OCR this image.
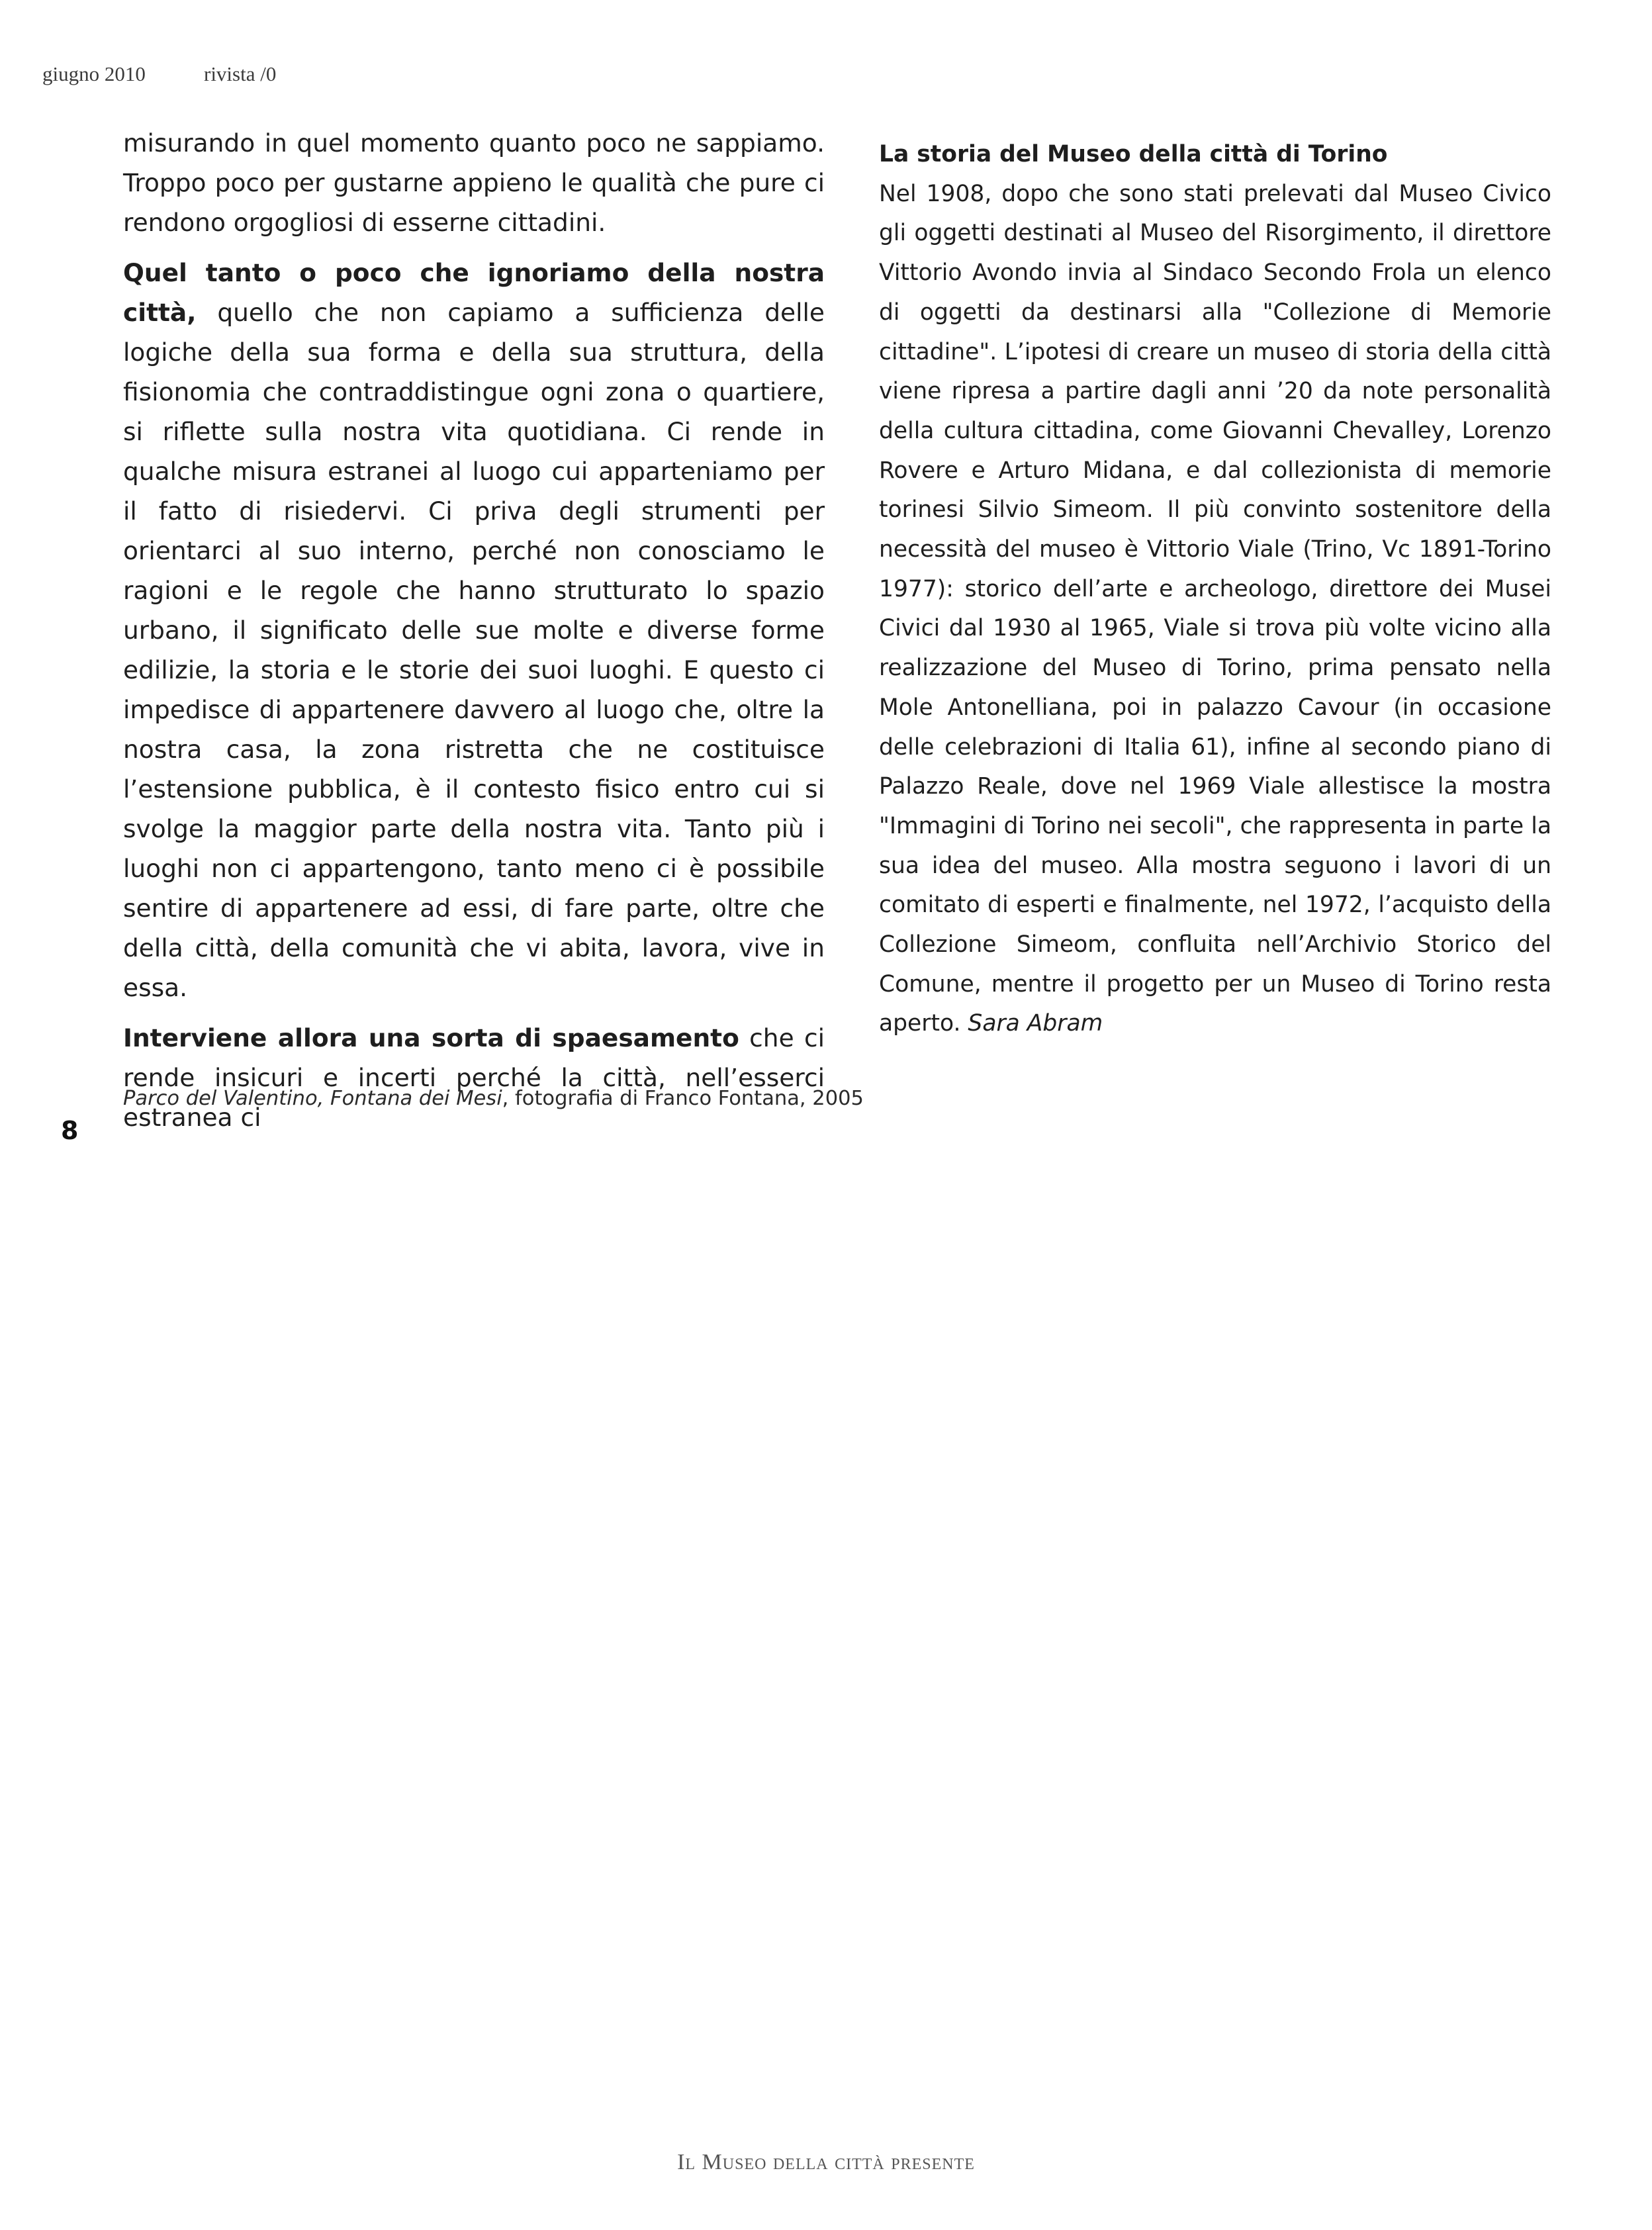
giugno 2010	rivista /0

misurando in quel momento quanto poco ne sappiamo. Troppo poco per gustarne appieno le qualità che pure ci rendono orgogliosi di esserne cittadini.

Quel tanto o poco che ignoriamo della nostra città, quello che non capiamo a sufficienza delle logiche della sua forma e della sua struttura, della fisionomia che contraddistingue ogni zona o quartiere, si riflette sulla nostra vita quotidiana. Ci rende in qualche misura estranei al luogo cui apparteniamo per il fatto di risiedervi. Ci priva degli strumenti per orientarci al suo interno, perché non conosciamo le ragioni e le regole che hanno strutturato lo spazio urbano, il significato delle sue molte e diverse forme edilizie, la storia e le storie dei suoi luoghi. E questo ci impedisce di appartenere davvero al luogo che, oltre la nostra casa, la zona ristretta che ne costituisce l’estensione pubblica, è il contesto fisico entro cui si svolge la maggior parte della nostra vita. Tanto più i luoghi non ci appartengono, tanto meno ci è possibile sentire di appartenere ad essi, di fare parte, oltre che della città, della comunità che vi abita, lavora, vive in essa.

Interviene allora una sorta di spaesamento che ci rende insicuri e incerti perché la città, nell’esserci estranea ci

La storia del Museo della città di Torino

Nel 1908, dopo che sono stati prelevati dal Museo Civico gli oggetti destinati al Museo del Risorgimento, il direttore Vittorio Avondo invia al Sindaco Secondo Frola un elenco di oggetti da destinarsi alla "Collezione di Memorie cittadine". L’ipotesi di creare un museo di storia della città viene ripresa a partire dagli anni ’20 da note personalità della cultura cittadina, come Giovanni Chevalley, Lorenzo Rovere e Arturo Midana, e dal collezionista di memorie torinesi Silvio Simeom. Il più convinto sostenitore della necessità del museo è Vittorio Viale (Trino, Vc 1891-Torino 1977): storico dell’arte e archeologo, direttore dei Musei Civici dal 1930 al 1965, Viale si trova più volte vicino alla realizzazione del Museo di Torino, prima pensato nella Mole Antonelliana, poi in palazzo Cavour (in occasione delle celebrazioni di Italia 61), infine al secondo piano di Palazzo Reale, dove nel 1969 Viale allestisce la mostra "Immagini di Torino nei secoli", che rappresenta in parte la sua idea del museo. Alla mostra seguono i lavori di un comitato di esperti e finalmente, nel 1972, l’acquisto della Collezione Simeom, confluita nell’Archivio Storico del Comune, mentre il progetto per un Museo di Torino resta aperto. Sara Abram

Parco del Valentino, Fontana dei Mesi, fotografia di Franco Fontana, 2005
8
Il Museo della città presente
